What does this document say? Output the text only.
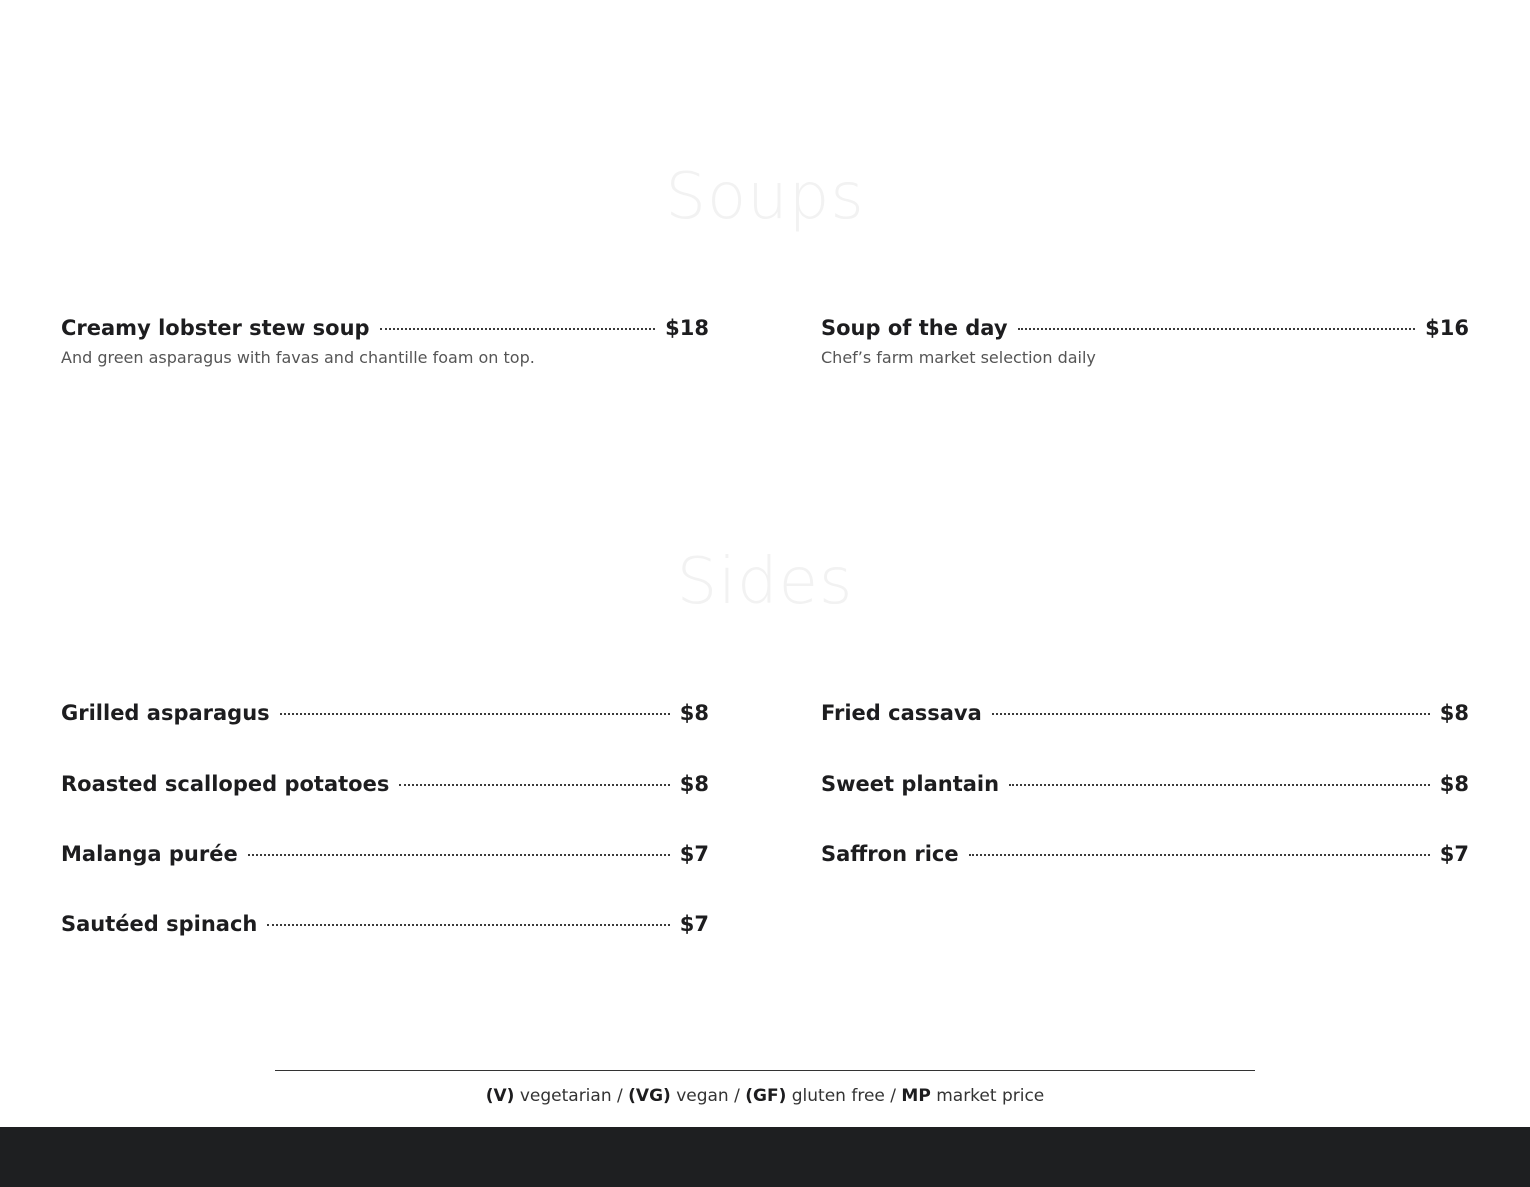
Soups
Creamy lobster stew soup	$18
And green asparagus with favas and chantille foam on top.
Soup of the day	$16
Chef’s farm market selection daily
Sides
Grilled asparagus	$8
Roasted scalloped potatoes	$8
Malanga purée	$7
Sautéed spinach	$7
Fried cassava	$8
Sweet plantain	$8
Saffron rice	$7
(V) vegetarian / (VG) vegan / (GF) gluten free / MP market price
